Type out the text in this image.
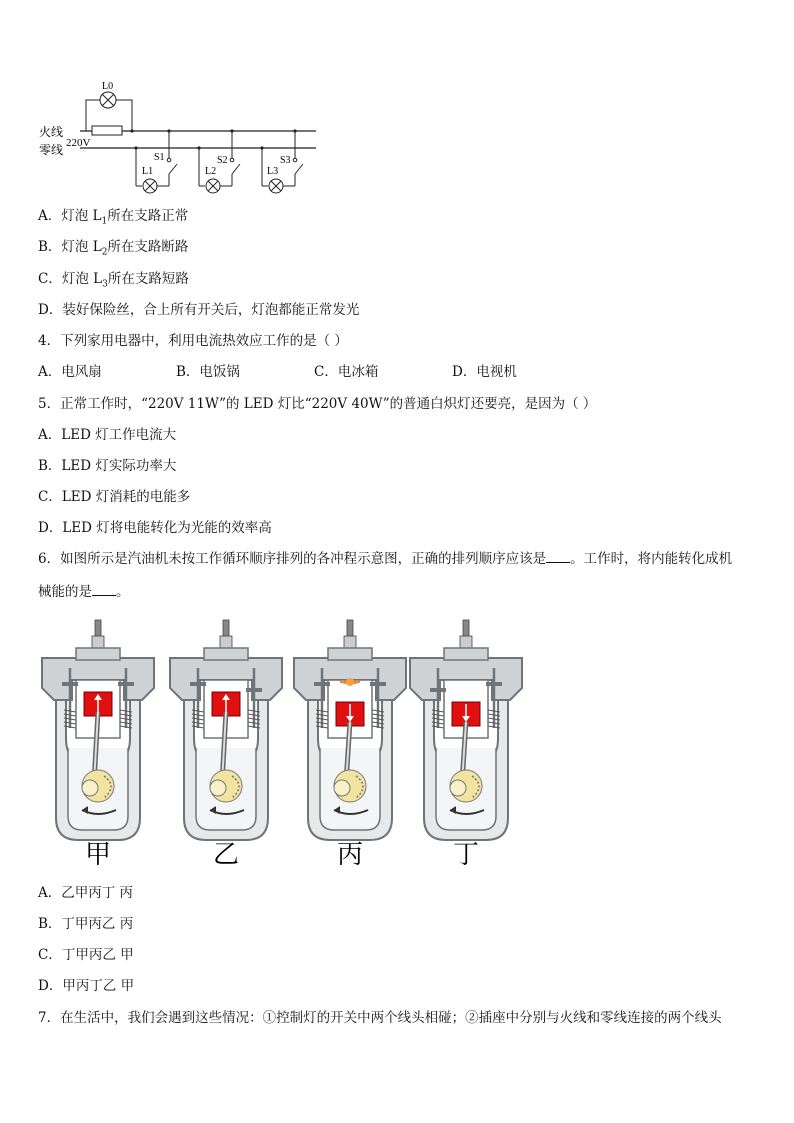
火线
零线 220V
L0
S1	S2	S3
L1	L2	L3
A．灯泡 $L_1$所在支路正常
B．灯泡 $L_2$所在支路断路
C．灯泡 $L_3$所在支路短路
D．装好保险丝，合上所有开关后，灯泡都能正常发光
4．下列家用电器中，利用电流热效应工作的是（ ）
A．电风扇	B．电饭锅	C．电冰箱	D．电视机
5．正常工作时，“220V 11W”的 LED 灯比“220V 40W”的普通白炽灯还要亮，是因为（ ）
A．LED 灯工作电流大
B．LED 灯实际功率大
C．LED 灯消耗的电能多
D．LED 灯将电能转化为光能的效率高
6．如图所示是汽油机未按工作循环顺序排列的各冲程示意图，正确的排列顺序应该是 。工作时，将内能转化成机
械能的是 。
甲	乙	丙	丁
A．乙甲丙丁 丙
B．丁甲丙乙 丙
C．丁甲丙乙 甲
D．甲丙丁乙 甲
7．在生活中，我们会遇到这些情况：①控制灯的开关中两个线头相碰；②插座中分别与火线和零线连接的两个线头
